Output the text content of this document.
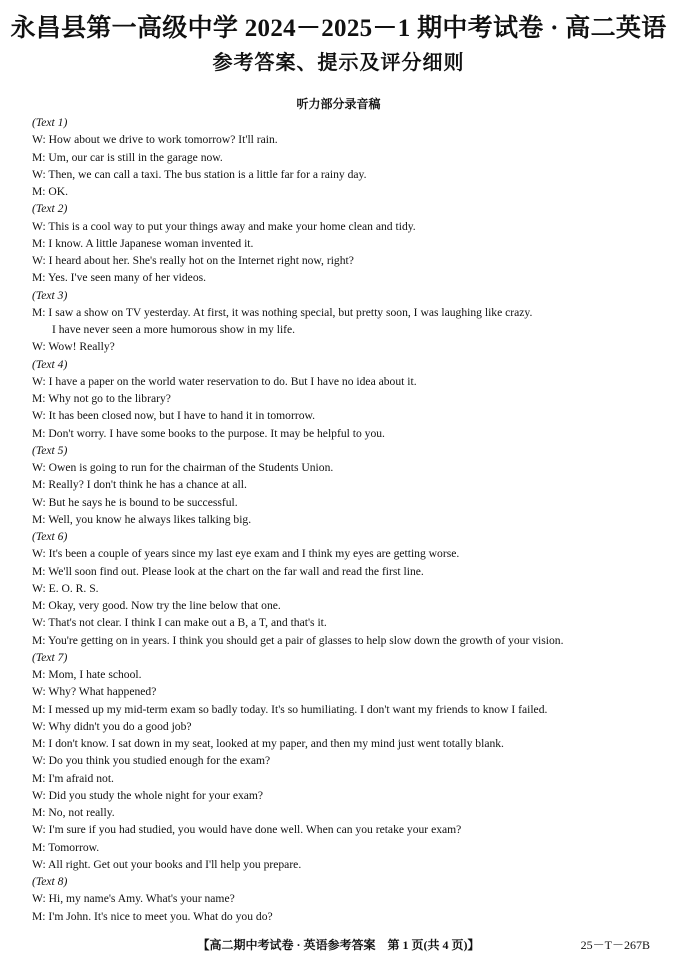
永昌县第一高级中学 2024－2025－1 期中考试卷 · 高二英语
参考答案、提示及评分细则
听力部分录音稿
(Text 1)
W: How about we drive to work tomorrow? It'll rain.
M: Um, our car is still in the garage now.
W: Then, we can call a taxi. The bus station is a little far for a rainy day.
M: OK.
(Text 2)
W: This is a cool way to put your things away and make your home clean and tidy.
M: I know. A little Japanese woman invented it.
W: I heard about her. She's really hot on the Internet right now, right?
M: Yes. I've seen many of her videos.
(Text 3)
M: I saw a show on TV yesterday. At first, it was nothing special, but pretty soon, I was laughing like crazy.
I have never seen a more humorous show in my life.
W: Wow! Really?
(Text 4)
W: I have a paper on the world water reservation to do. But I have no idea about it.
M: Why not go to the library?
W: It has been closed now, but I have to hand it in tomorrow.
M: Don't worry. I have some books to the purpose. It may be helpful to you.
(Text 5)
W: Owen is going to run for the chairman of the Students Union.
M: Really? I don't think he has a chance at all.
W: But he says he is bound to be successful.
M: Well, you know he always likes talking big.
(Text 6)
W: It's been a couple of years since my last eye exam and I think my eyes are getting worse.
M: We'll soon find out. Please look at the chart on the far wall and read the first line.
W: E. O. R. S.
M: Okay, very good. Now try the line below that one.
W: That's not clear. I think I can make out a B, a T, and that's it.
M: You're getting on in years. I think you should get a pair of glasses to help slow down the growth of your vision.
(Text 7)
M: Mom, I hate school.
W: Why? What happened?
M: I messed up my mid-term exam so badly today. It's so humiliating. I don't want my friends to know I failed.
W: Why didn't you do a good job?
M: I don't know. I sat down in my seat, looked at my paper, and then my mind just went totally blank.
W: Do you think you studied enough for the exam?
M: I'm afraid not.
W: Did you study the whole night for your exam?
M: No, not really.
W: I'm sure if you had studied, you would have done well. When can you retake your exam?
M: Tomorrow.
W: All right. Get out your books and I'll help you prepare.
(Text 8)
W: Hi, my name's Amy. What's your name?
M: I'm John. It's nice to meet you. What do you do?
【高二期中考试卷 · 英语参考答案　第 1 页(共 4 页)】	25－T－267B
